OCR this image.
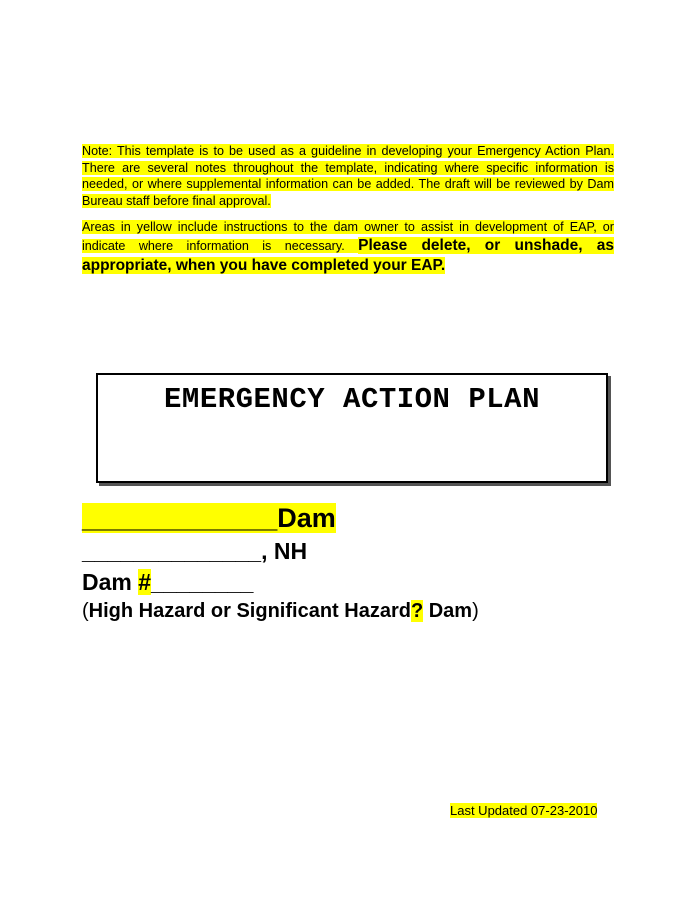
Note: This template is to be used as a guideline in developing your Emergency Action Plan. There are several notes throughout the template, indicating where specific information is needed, or where supplemental information can be added. The draft will be reviewed by Dam Bureau staff before final approval.

Areas in yellow include instructions to the dam owner to assist in development of EAP, or indicate where information is necessary. Please delete, or unshade, as appropriate, when you have completed your EAP.

EMERGENCY ACTION PLAN
_____________Dam
______________, NH
Dam #________
(High Hazard or Significant Hazard? Dam)
Last Updated 07-23-2010
